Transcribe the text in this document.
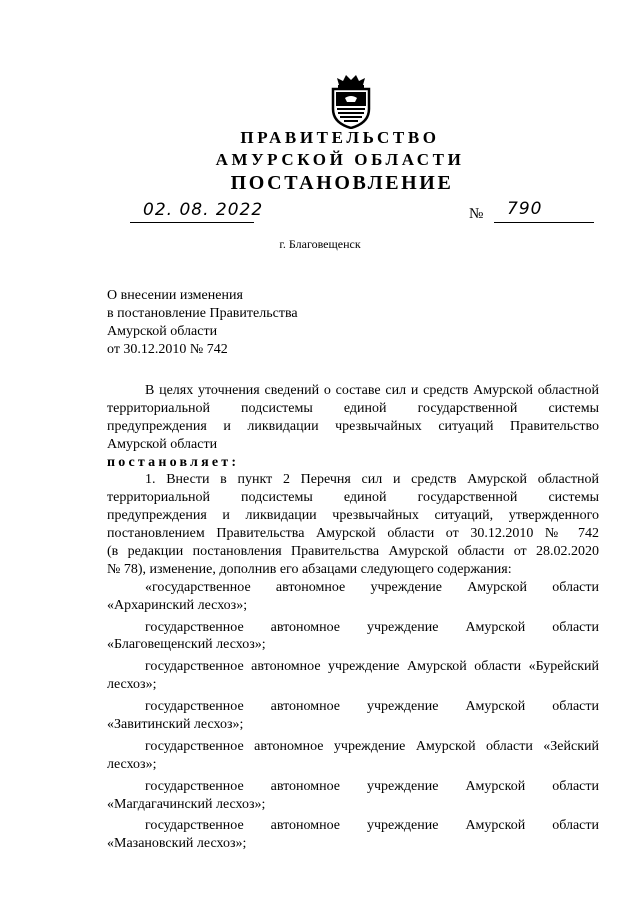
ПРАВИТЕЛЬСТВО
АМУРСКОЙ ОБЛАСТИ
ПОСТАНОВЛЕНИЕ
02. 08. 2022	№ 790
г. Благовещенск
О внесении изменения
в постановление Правительства
Амурской области
от 30.12.2010 № 742
В целях уточнения сведений о составе сил и средств Амурской областной
территориальной подсистемы единой государственной системы
предупреждения и ликвидации чрезвычайных ситуаций Правительство
Амурской области
постановляет:
1. Внести в пункт 2 Перечня сил и средств Амурской областной
территориальной подсистемы единой государственной системы
предупреждения и ликвидации чрезвычайных ситуаций, утвержденного
постановлением Правительства Амурской области от 30.12.2010 № 742
(в редакции постановления Правительства Амурской области от 28.02.2020
№ 78), изменение, дополнив его абзацами следующего содержания:
«государственное автономное учреждение Амурской области
«Архаринский лесхоз»;
государственное автономное учреждение Амурской области
«Благовещенский лесхоз»;
государственное автономное учреждение Амурской области «Бурейский
лесхоз»;
государственное автономное учреждение Амурской области
«Завитинский лесхоз»;
государственное автономное учреждение Амурской области «Зейский
лесхоз»;
государственное автономное учреждение Амурской области
«Магдагачинский лесхоз»;
государственное автономное учреждение Амурской области
«Мазановский лесхоз»;
